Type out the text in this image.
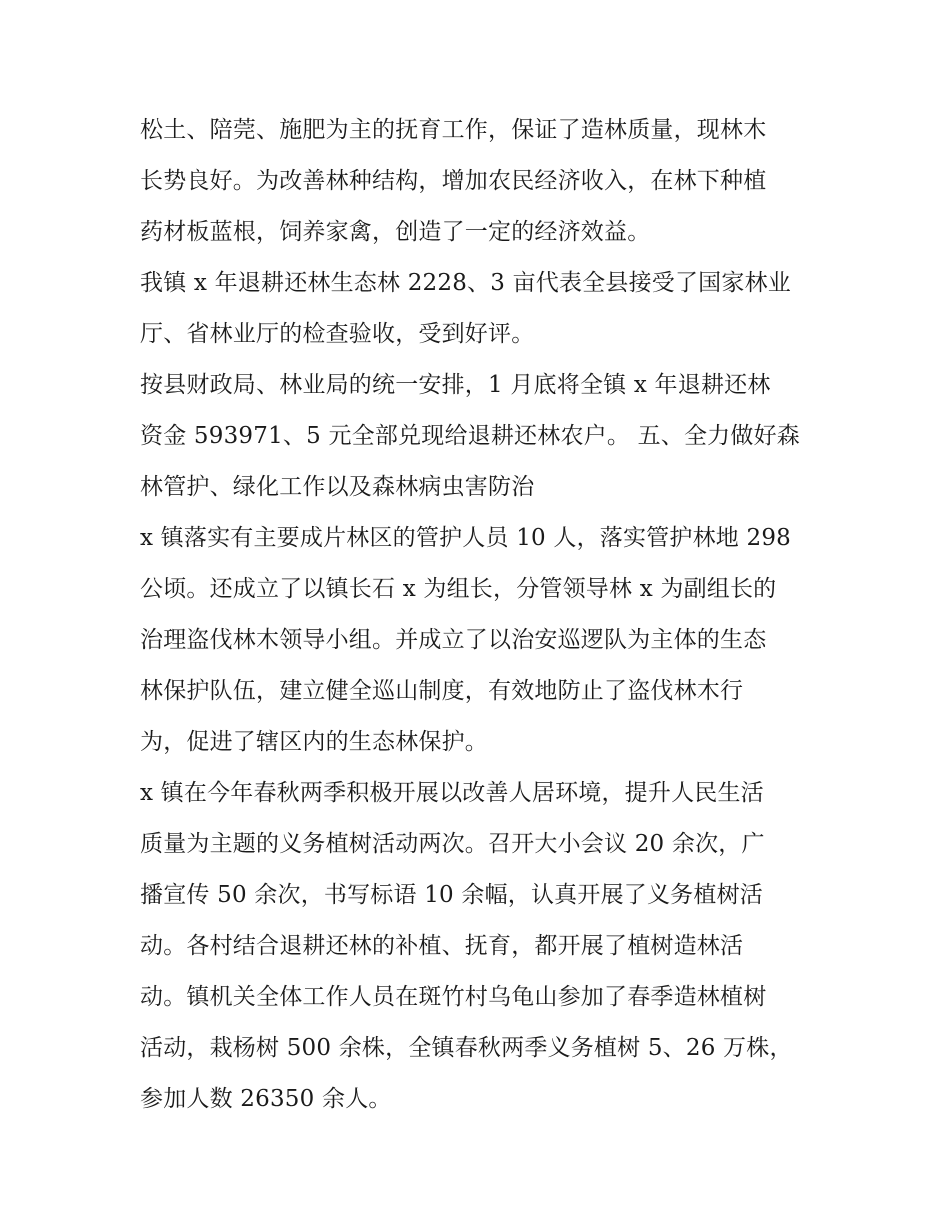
松土、陪莞、施肥为主的抚育工作，保证了造林质量，现林木
长势良好。为改善林种结构，增加农民经济收入，在林下种植
药材板蓝根，饲养家禽，创造了一定的经济效益。
我镇 x 年退耕还林生态林 2228、3 亩代表全县接受了国家林业
厅、省林业厅的检查验收，受到好评。
按县财政局、林业局的统一安排，1 月底将全镇 x 年退耕还林
资金 593971、5 元全部兑现给退耕还林农户。 五、全力做好森
林管护、绿化工作以及森林病虫害防治
x 镇落实有主要成片林区的管护人员 10 人，落实管护林地 298
公顷。还成立了以镇长石 x 为组长，分管领导林 x 为副组长的
治理盗伐林木领导小组。并成立了以治安巡逻队为主体的生态
林保护队伍，建立健全巡山制度，有效地防止了盗伐林木行
为，促进了辖区内的生态林保护。
x 镇在今年春秋两季积极开展以改善人居环境，提升人民生活
质量为主题的义务植树活动两次。召开大小会议 20 余次，广
播宣传 50 余次，书写标语 10 余幅，认真开展了义务植树活
动。各村结合退耕还林的补植、抚育，都开展了植树造林活
动。镇机关全体工作人员在斑竹村乌龟山参加了春季造林植树
活动，栽杨树 500 余株，全镇春秋两季义务植树 5、26 万株，
参加人数 26350 余人。
